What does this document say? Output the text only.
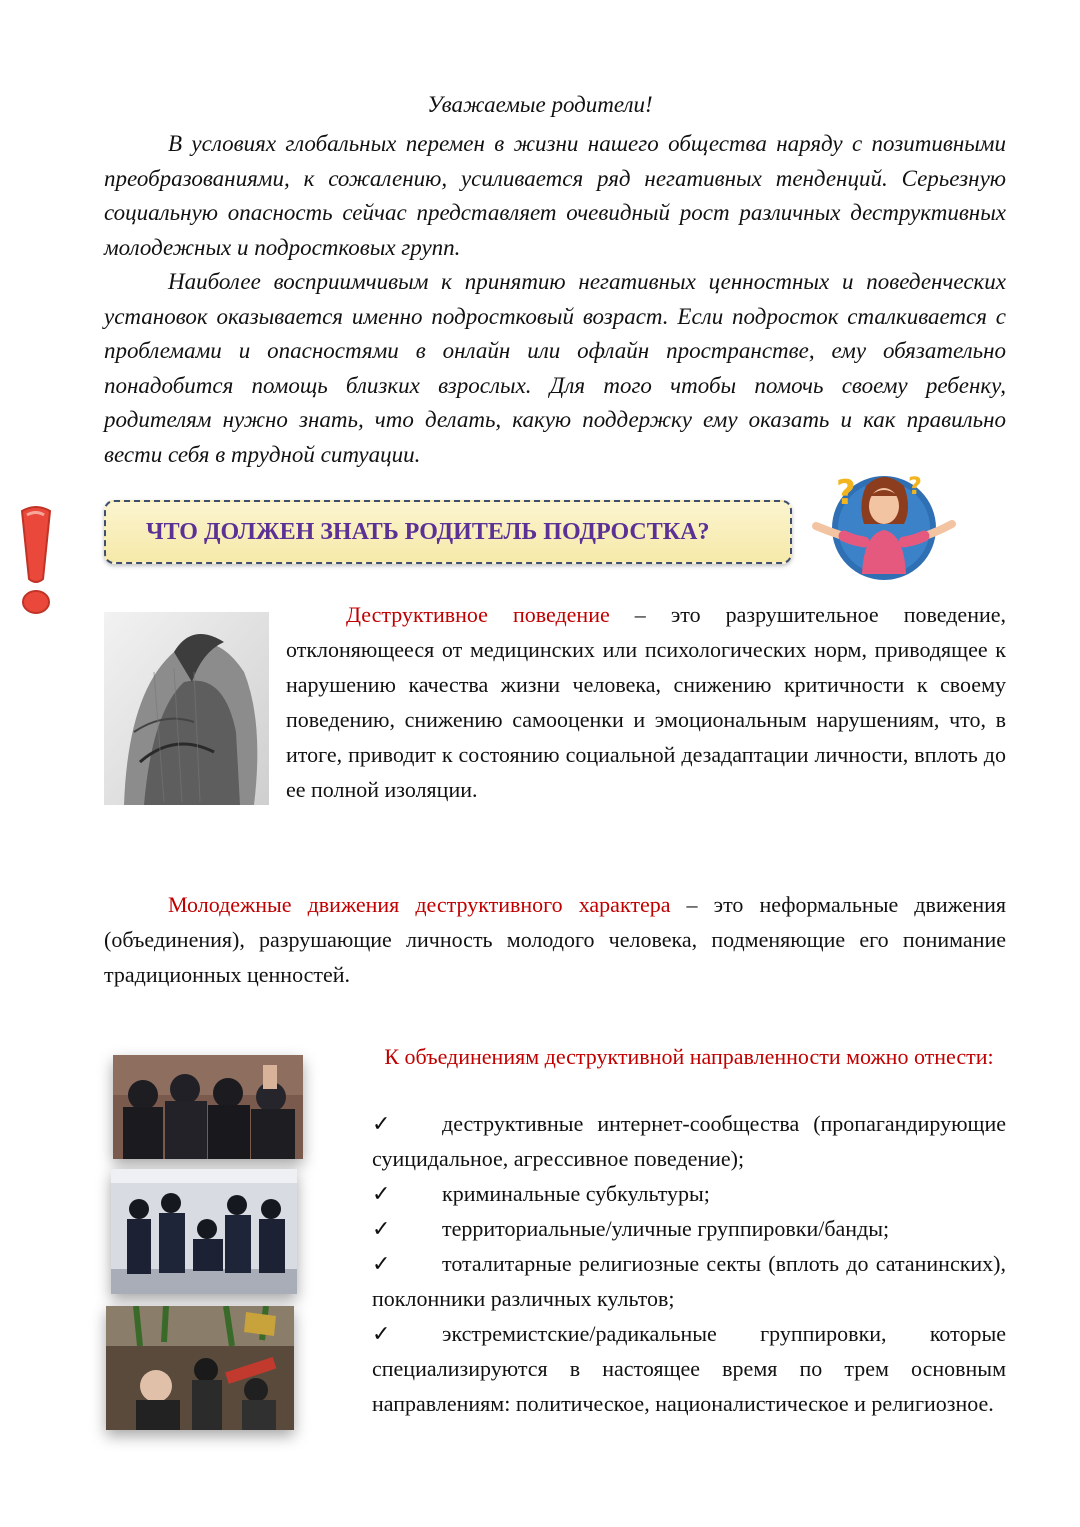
Уважаемые родители!

В условиях глобальных перемен в жизни нашего общества наряду с позитивными преобразованиями, к сожалению, усиливается ряд негативных тенденций. Серьезную социальную опасность сейчас представляет очевидный рост различных деструктивных молодежных и подростковых групп.

Наиболее восприимчивым к принятию негативных ценностных и поведенческих установок оказывается именно подростковый возраст. Если подросток сталкивается с проблемами и опасностями в онлайн или офлайн пространстве, ему обязательно понадобится помощь близких взрослых. Для того чтобы помочь своему ребенку, родителям нужно знать, что делать, какую поддержку ему оказать и как правильно вести себя в трудной ситуации.

ЧТО ДОЛЖЕН ЗНАТЬ РОДИТЕЛЬ ПОДРОСТКА?
? ?

Деструктивное поведение – это разрушительное поведение, отклоняющееся от медицинских или психологических норм, приводящее к нарушению качества жизни человека, снижению критичности к своему поведению, снижению самооценки и эмоциональным нарушениям, что, в итоге, приводит к состоянию социальной дезадаптации личности, вплоть до ее полной изоляции.

Молодежные движения деструктивного характера – это неформальные движения (объединения), разрушающие личность молодого человека, подменяющие его понимание традиционных ценностей.

К объединениям деструктивной направленности можно отнести:
✓ деструктивные интернет-сообщества (пропагандирующие суицидальное, агрессивное поведение);
✓ криминальные субкультуры;
✓ территориальные/уличные группировки/банды;
✓ тоталитарные религиозные секты (вплоть до сатанинских), поклонники различных культов;
✓ экстремистские/радикальные группировки, которые специализируются в настоящее время по трем основным направлениям: политическое, националистическое и религиозное.
